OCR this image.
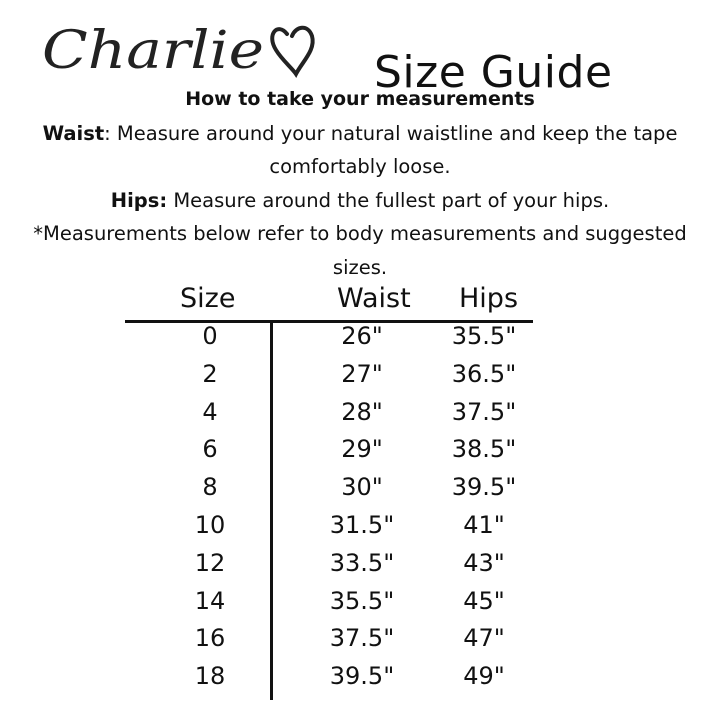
Charlie	Size Guide

How to take your measurements

Waist: Measure around your natural waistline and keep the tape comfortably loose.

Hips: Measure around the fullest part of your hips.

*Measurements below refer to body measurements and suggested sizes.

Size	Waist Hips
0	26"	35.5"
2	27"	36.5"
4	28"	37.5"
6	29"	38.5"
8	30"	39.5"
10	31.5"	41"
12	33.5"	43"
14	35.5"	45"
16	37.5"	47"
18	39.5"	49"
